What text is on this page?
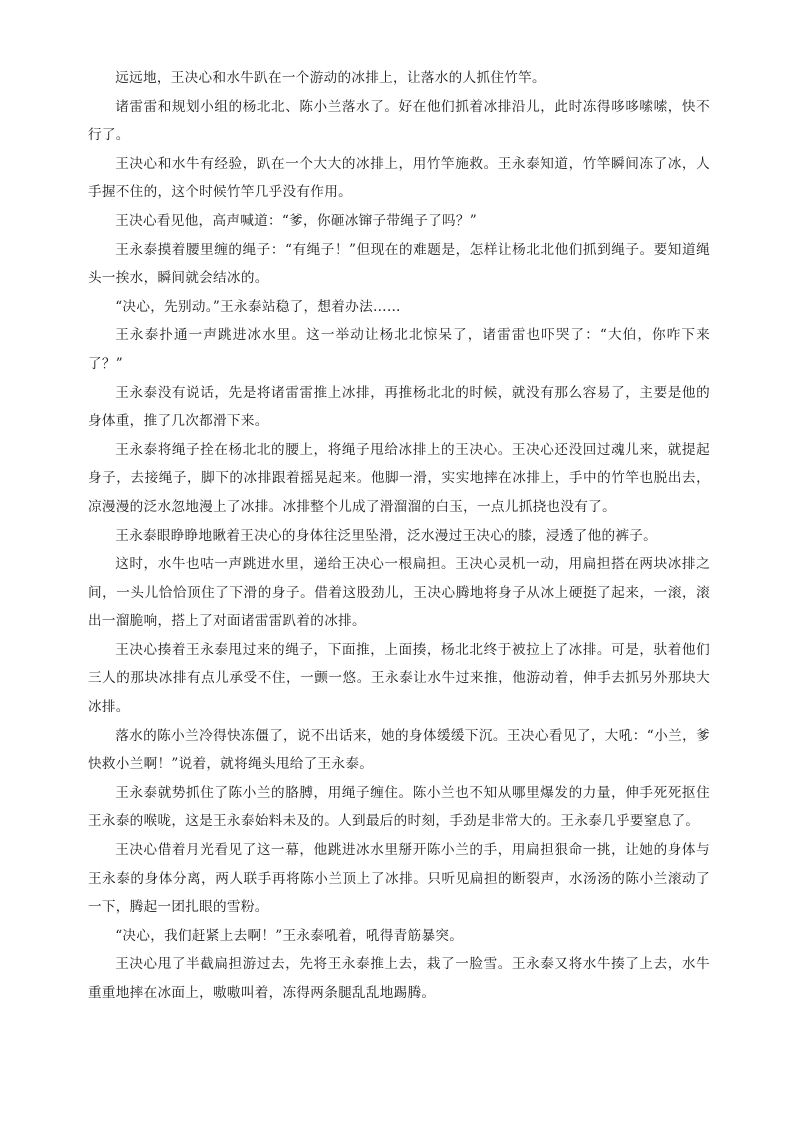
远远地，王决心和水牛趴在一个游动的冰排上，让落水的人抓住竹竿。

诸雷雷和规划小组的杨北北、陈小兰落水了。好在他们抓着冰排沿儿，此时冻得哆哆嗦嗦，快不行了。

王决心和水牛有经验，趴在一个大大的冰排上，用竹竿施救。王永泰知道，竹竿瞬间冻了冰，人手握不住的，这个时候竹竿几乎没有作用。

王决心看见他，高声喊道：“爹，你砸冰镩子带绳子了吗？”

王永泰摸着腰里缠的绳子：“有绳子！”但现在的难题是，怎样让杨北北他们抓到绳子。要知道绳头一挨水，瞬间就会结冰的。

“决心，先别动。”王永泰站稳了，想着办法……

王永泰扑通一声跳进冰水里。这一举动让杨北北惊呆了，诸雷雷也吓哭了：“大伯，你咋下来了？”

王永泰没有说话，先是将诸雷雷推上冰排，再推杨北北的时候，就没有那么容易了，主要是他的身体重，推了几次都滑下来。

王永泰将绳子拴在杨北北的腰上，将绳子甩给冰排上的王决心。王决心还没回过魂儿来，就提起身子，去接绳子，脚下的冰排跟着摇晃起来。他脚一滑，实实地摔在冰排上，手中的竹竿也脱出去，凉漫漫的泛水忽地漫上了冰排。冰排整个儿成了滑溜溜的白玉，一点儿抓挠也没有了。

王永泰眼睁睁地瞅着王决心的身体往泛里坠滑，泛水漫过王决心的膝，浸透了他的裤子。

这时，水牛也咕一声跳进水里，递给王决心一根扁担。王决心灵机一动，用扁担搭在两块冰排之间，一头儿恰恰顶住了下滑的身子。借着这股劲儿，王决心腾地将身子从冰上硬挺了起来，一滚，滚出一溜脆响，搭上了对面诸雷雷趴着的冰排。

王决心揍着王永泰甩过来的绳子，下面推，上面揍，杨北北终于被拉上了冰排。可是，驮着他们三人的那块冰排有点儿承受不住，一颤一悠。王永泰让水牛过来推，他游动着，伸手去抓另外那块大冰排。

落水的陈小兰冷得快冻僵了，说不出话来，她的身体缓缓下沉。王决心看见了，大吼：“小兰，爹快救小兰啊！”说着，就将绳头甩给了王永泰。

王永泰就势抓住了陈小兰的胳膊，用绳子缠住。陈小兰也不知从哪里爆发的力量，伸手死死抠住王永泰的喉咙，这是王永泰始料未及的。人到最后的时刻，手劲是非常大的。王永泰几乎要窒息了。

王决心借着月光看见了这一幕，他跳进冰水里掰开陈小兰的手，用扁担狠命一挑，让她的身体与王永泰的身体分离，两人联手再将陈小兰顶上了冰排。只听见扁担的断裂声，水汤汤的陈小兰滚动了一下，腾起一团扎眼的雪粉。

“决心，我们赶紧上去啊！”王永泰吼着，吼得青筋暴突。

王决心甩了半截扁担游过去，先将王永泰推上去，栽了一脸雪。王永泰又将水牛揍了上去，水牛重重地摔在冰面上，嗷嗷叫着，冻得两条腿乱乱地踢腾。
